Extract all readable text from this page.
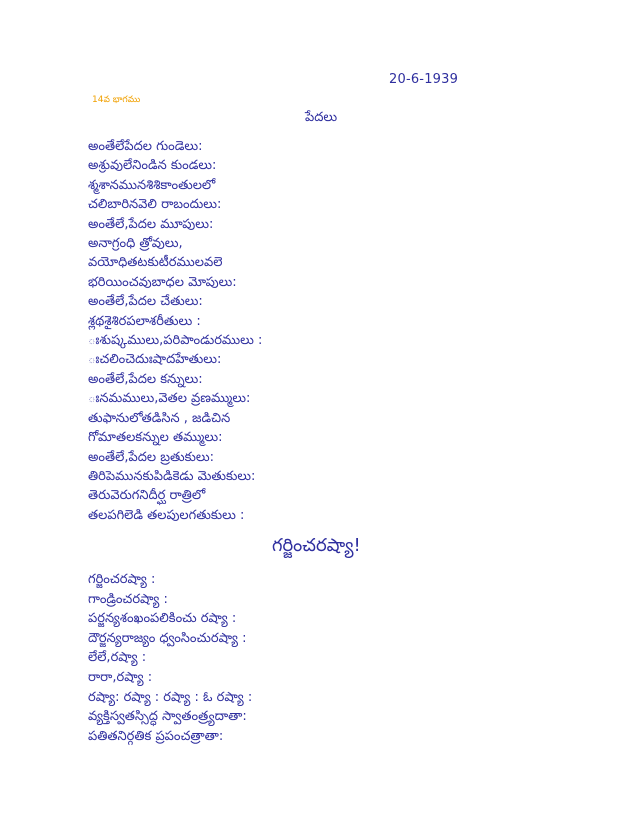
20-6-1939
14వ భాగము
పేదలు
అంతేలేపేదల గుండెలు:
అశ్రువులేనిండిన కుండలు:
శ్మశానమునశిశికాంతులలో
చలిబారినవెలి రాబందులు:
అంతేలే,పేదల మూపులు:
అనాగ్రంధి త్రోవులు,
వయోధితటకుటీరములవలె
భరియించవుబాధల మోపులు:
అంతేలే,పేదల చేతులు:
శ్లథశైశిరపలాశరీతులు :
ఃశుష్కములు,పరిపాండురములు :
ఃచలించెదుఃషాదహేతులు:
అంతేలే,పేదల కన్నులు:
ఃనమములు,వెతల వ్రణమ్ములు:
తుఫానులోతడిసిన , జడిచిన
గోమాతలకన్నుల తమ్ములు:
అంతేలే,పేదల బ్రతుకులు:
తిరిపెమునకుపిడికెడు మెతుకులు:
తెరువెరుగనిదీర్ఘ రాత్రిలో
తలపగిలెడి తలపులగతుకులు :
గర్జించరష్యా!
గర్జించరష్యా :
గాండ్రించరష్యా :
పర్జన్యశంఖంపలికించు రష్యా :
దౌర్జన్యరాజ్యం ధ్వంసించురష్యా :
లేలే,రష్యా :
రారా,రష్యా :
రష్యా: రష్యా : రష్యా : ఓ రష్యా :
వ్యక్తిస్వతస్సిద్ధ స్వాతంత్ర్యదాతా:
పతితనిర్గతిక ప్రపంచత్రాతా:
